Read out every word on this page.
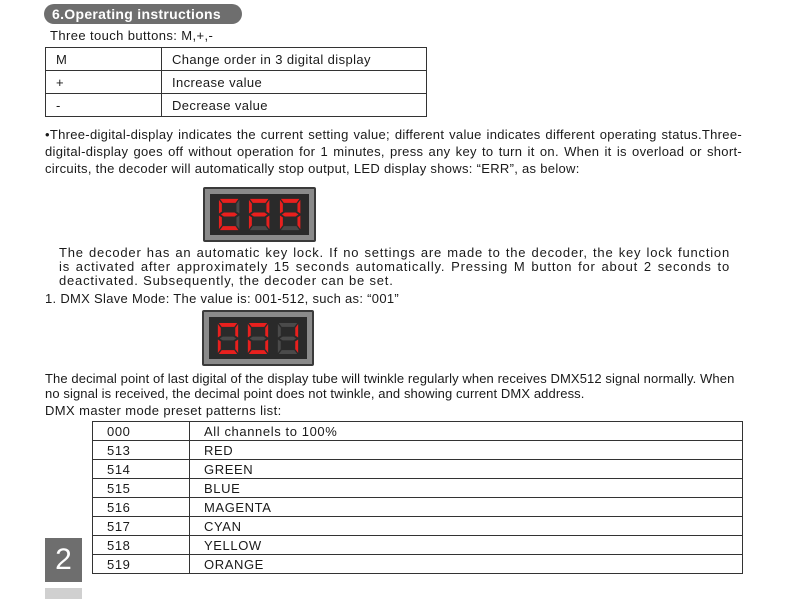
6.Operating instructions
Three touch buttons: M,+,-
M	Change order in 3 digital display
+	Increase value
-	Decrease value
•Three-digital-display indicates the current setting value; different value indicates different operating status.Three-digital-display goes off without operation for 1 minutes, press any key to turn it on. When it is overload or short-circuits, the decoder will automatically stop output, LED display shows: “ERR”, as below:
The decoder has an automatic key lock. If no settings are made to the decoder, the key lock function is activated after approximately 15 seconds automatically. Pressing M button for about 2 seconds to deactivated. Subsequently, the decoder can be set.
1. DMX Slave Mode: The value is: 001-512, such as: “001”
The decimal point of last digital of the display tube will twinkle regularly when receives DMX512 signal normally. When no signal is received, the decimal point does not twinkle, and showing current DMX address.
DMX master mode preset patterns list:
000	All channels to 100%
513	RED
514	GREEN
515	BLUE
516	MAGENTA
517	CYAN
518	YELLOW
519	ORANGE
2
